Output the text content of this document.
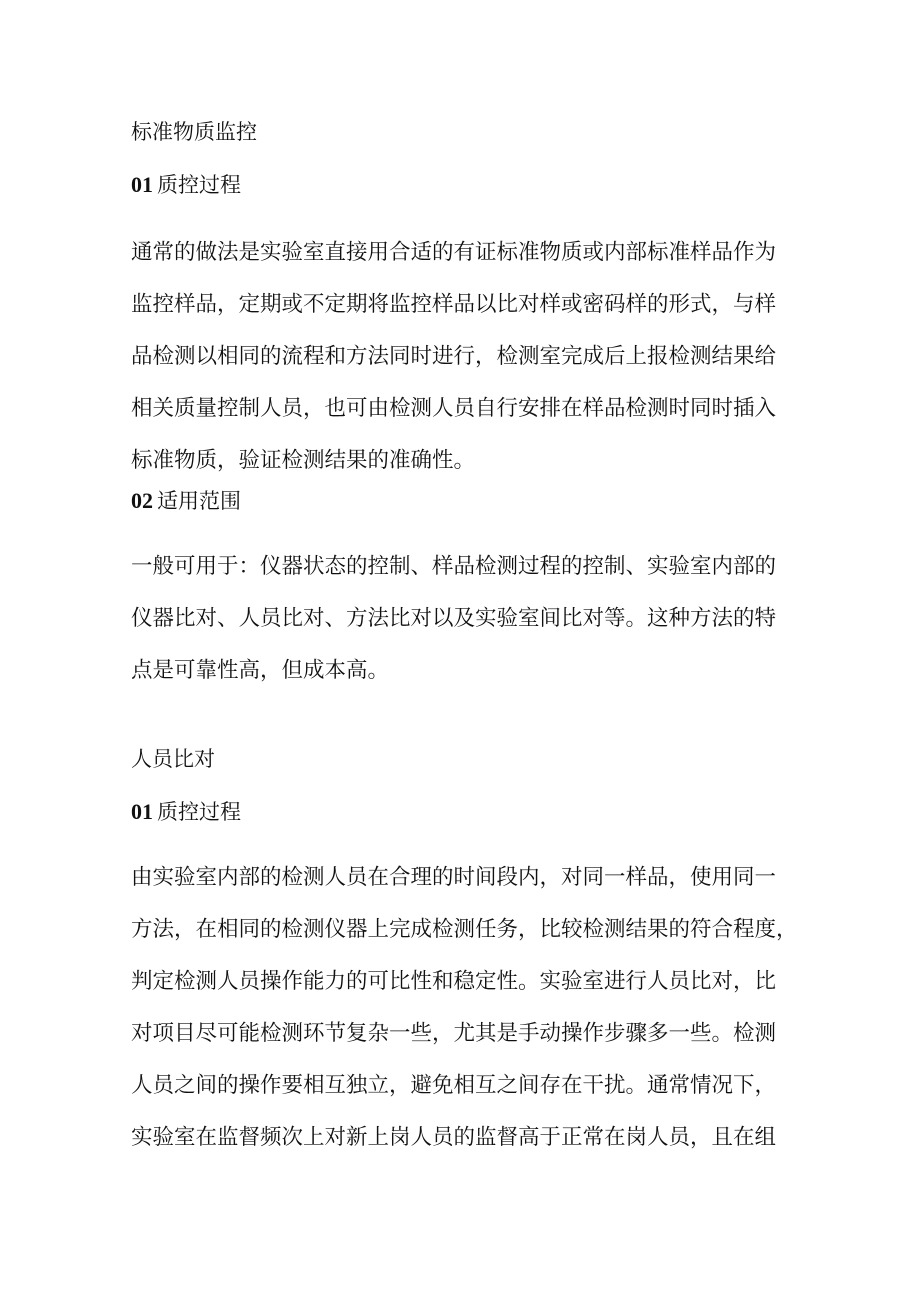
标准物质监控
01 质控过程
通常的做法是实验室直接用合适的有证标准物质或内部标准样品作为
监控样品，定期或不定期将监控样品以比对样或密码样的形式，与样
品检测以相同的流程和方法同时进行，检测室完成后上报检测结果给
相关质量控制人员，也可由检测人员自行安排在样品检测时同时插入
标准物质，验证检测结果的准确性。
02 适用范围
一般可用于：仪器状态的控制、样品检测过程的控制、实验室内部的
仪器比对、人员比对、方法比对以及实验室间比对等。这种方法的特
点是可靠性高，但成本高。
人员比对
01 质控过程
由实验室内部的检测人员在合理的时间段内，对同一样品，使用同一
方法，在相同的检测仪器上完成检测任务，比较检测结果的符合程度，
判定检测人员操作能力的可比性和稳定性。实验室进行人员比对，比
对项目尽可能检测环节复杂一些，尤其是手动操作步骤多一些。检测
人员之间的操作要相互独立，避免相互之间存在干扰。通常情况下，
实验室在监督频次上对新上岗人员的监督高于正常在岗人员，且在组
